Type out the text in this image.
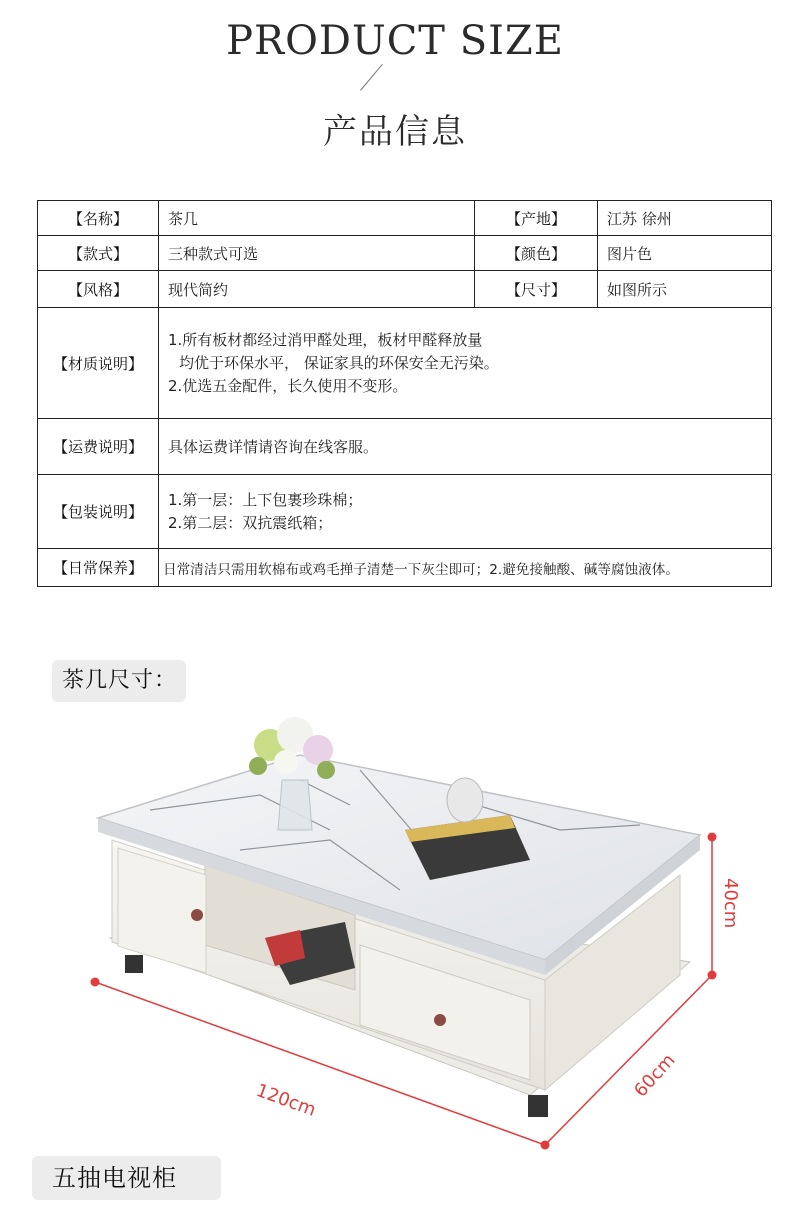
PRODUCT SIZE
产品信息
【名称】	茶几	【产地】	江苏 徐州
【款式】	三种款式可选	【颜色】	图片色
【风格】	现代简约	【尺寸】	如图所示
【材质说明】	1.所有板材都经过消甲醛处理，板材甲醛释放量
均优于环保水平， 保证家具的环保安全无污染。
2.优选五金配件，长久使用不变形。		

【运费说明】	具体运费详情请咨询在线客服。		
【包装说明】	1.第一层：上下包裹珍珠棉；
2.第二层：双抗震纸箱；		

【日常保养】	日常清洁只需用软棉布或鸡毛掸子清楚一下灰尘即可；2.避免接触酸、碱等腐蚀液体。		
茶几尺寸：
120cm	60cm
40cm
五抽电视柜
